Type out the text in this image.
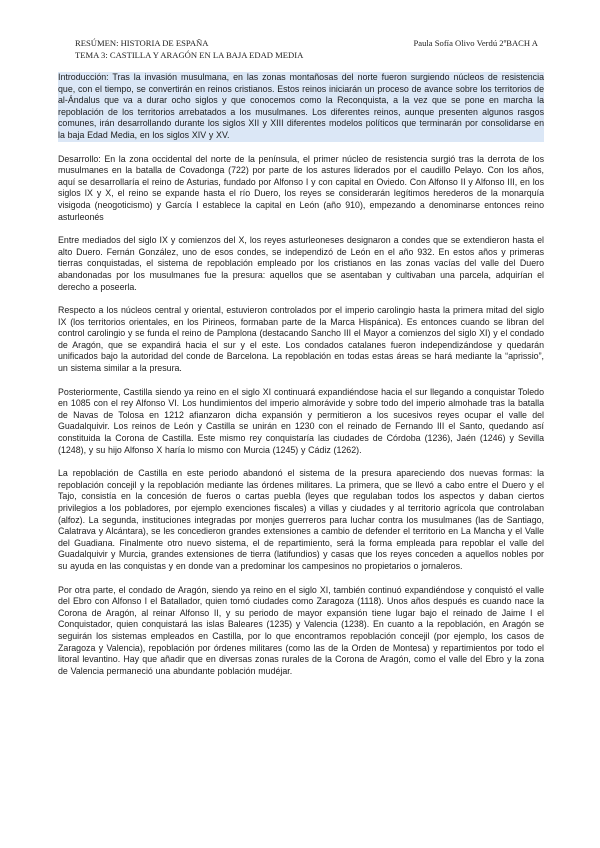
RESÚMEN: HISTORIA DE ESPAÑA
TEMA 3: CASTILLA Y ARAGÓN EN LA BAJA EDAD MEDIA
Paula Sofía Olivo Verdú 2ºBACH A

Introducción: Tras la invasión musulmana, en las zonas montañosas del norte fueron surgiendo núcleos de resistencia que, con el tiempo, se convertirán en reinos cristianos. Estos reinos iniciarán un proceso de avance sobre los territorios de al-Ándalus que va a durar ocho siglos y que conocemos como la Reconquista, a la vez que se pone en marcha la repoblación de los territorios arrebatados a los musulmanes. Los diferentes reinos, aunque presenten algunos rasgos comunes, irán desarrollando durante los siglos XII y XIII diferentes modelos políticos que terminarán por consolidarse en la baja Edad Media, en los siglos XIV y XV.

Desarrollo: En la zona occidental del norte de la península, el primer núcleo de resistencia surgió tras la derrota de los musulmanes en la batalla de Covadonga (722) por parte de los astures liderados por el caudillo Pelayo. Con los años, aquí se desarrollaría el reino de Asturias, fundado por Alfonso I y con capital en Oviedo. Con Alfonso II y Alfonso III, en los siglos IX y X, el reino se expande hasta el río Duero, los reyes se considerarán legítimos herederos de la monarquía visigoda (neogoticismo) y García I establece la capital en León (año 910), empezando a denominarse entonces reino asturleonés

Entre mediados del siglo IX y comienzos del X, los reyes asturleoneses designaron a condes que se extendieron hasta el alto Duero. Fernán González, uno de esos condes, se independizó de León en el año 932. En estos años y primeras tierras conquistadas, el sistema de repoblación empleado por los cristianos en las zonas vacías del valle del Duero abandonadas por los musulmanes fue la presura: aquellos que se asentaban y cultivaban una parcela, adquirían el derecho a poseerla.

Respecto a los núcleos central y oriental, estuvieron controlados por el imperio carolingio hasta la primera mitad del siglo IX (los territorios orientales, en los Pirineos, formaban parte de la Marca Hispánica). Es entonces cuando se libran del control carolingio y se funda el reino de Pamplona (destacando Sancho III el Mayor a comienzos del siglo XI) y el condado de Aragón, que se expandirá hacia el sur y el este. Los condados catalanes fueron independizándose y quedarán unificados bajo la autoridad del conde de Barcelona. La repoblación en todas estas áreas se hará mediante la “aprissio”, un sistema similar a la presura.

Posteriormente, Castilla siendo ya reino en el siglo XI continuará expandiéndose hacia el sur llegando a conquistar Toledo en 1085 con el rey Alfonso VI. Los hundimientos del imperio almorávide y sobre todo del imperio almohade tras la batalla de Navas de Tolosa en 1212 afianzaron dicha expansión y permitieron a los sucesivos reyes ocupar el valle del Guadalquivir. Los reinos de León y Castilla se unirán en 1230 con el reinado de Fernando III el Santo, quedando así constituida la Corona de Castilla. Este mismo rey conquistaría las ciudades de Córdoba (1236), Jaén (1246) y Sevilla (1248), y su hijo Alfonso X haría lo mismo con Murcia (1245) y Cádiz (1262).

La repoblación de Castilla en este periodo abandonó el sistema de la presura apareciendo dos nuevas formas: la repoblación concejil y la repoblación mediante las órdenes militares. La primera, que se llevó a cabo entre el Duero y el Tajo, consistía en la concesión de fueros o cartas puebla (leyes que regulaban todos los aspectos y daban ciertos privilegios a los pobladores, por ejemplo exenciones fiscales) a villas y ciudades y al territorio agrícola que controlaban (alfoz). La segunda, instituciones integradas por monjes guerreros para luchar contra los musulmanes (las de Santiago, Calatrava y Alcántara), se les concedieron grandes extensiones a cambio de defender el territorio en La Mancha y el Valle del Guadiana. Finalmente otro nuevo sistema, el de repartimiento, será la forma empleada para repoblar el valle del Guadalquivir y Murcia, grandes extensiones de tierra (latifundios) y casas que los reyes conceden a aquellos nobles por su ayuda en las conquistas y en donde van a predominar los campesinos no propietarios o jornaleros.

Por otra parte, el condado de Aragón, siendo ya reino en el siglo XI, también continuó expandiéndose y conquistó el valle del Ebro con Alfonso I el Batallador, quien tomó ciudades como Zaragoza (1118). Unos años después es cuando nace la Corona de Aragón, al reinar Alfonso II, y su periodo de mayor expansión tiene lugar bajo el reinado de Jaime I el Conquistador, quien conquistará las islas Baleares (1235) y Valencia (1238). En cuanto a la repoblación, en Aragón se seguirán los sistemas empleados en Castilla, por lo que encontramos repoblación concejil (por ejemplo, los casos de Zaragoza y Valencia), repoblación por órdenes militares (como las de la Orden de Montesa) y repartimientos por todo el litoral levantino. Hay que añadir que en diversas zonas rurales de la Corona de Aragón, como el valle del Ebro y la zona de Valencia permaneció una abundante población mudéjar.
